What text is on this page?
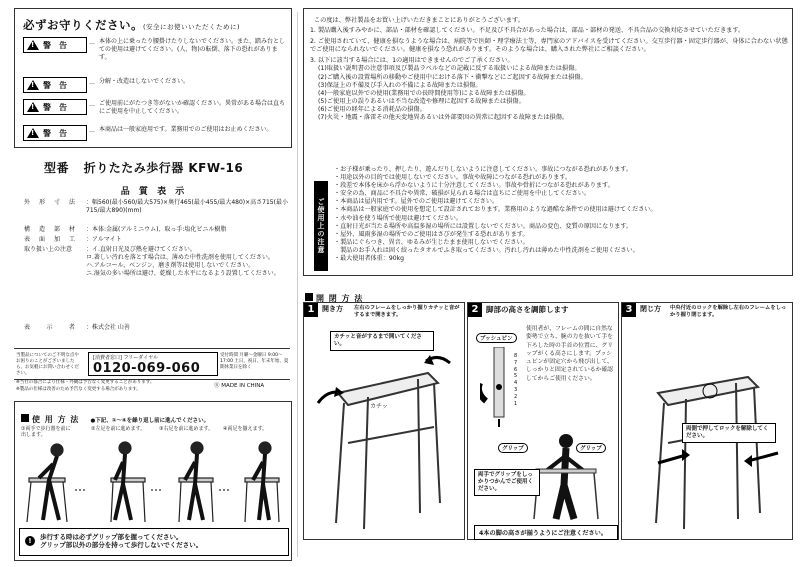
必ずお守りください。(安全にお使いいただくために)
!
警　告	… 本体の上に乗ったり腰掛けたりしないでください。また、踏み台としての使用は避けてください。(人、物)の転倒、落下の恐れがあります。
!
警　告	… 分解・改造はしないでください。
!
警　告	… ご使用前にがたつき等がないか確認ください。異常がある場合は直ちにご使用を中止してください。
!
警　告	… 本商品は一般家庭用です。業務用でのご使用はお止めください。
型番 折りたたみ歩行器 KFW-16
品 質 表 示
外　形　寸　法	：幅560(最小560/最大575)×奥行465(最小455/最大480)×高さ715(最小715/最大890)(mm)
構　造　部　材	：本体:金属(アルミニウム)、取っ手:塩化ビニル樹脂
表　面　加　工	：アルマイト
取り扱い上の注意	：イ.直射日光及び熱を避けてください。
ロ.著しい汚れを落とす場合は、薄めた中性洗剤を使用してください。
ハ.アルコール、ベンジン、磨き剤等は使用しないでください。
ニ.湿気の多い場所は避け、乾燥した水平になるよう設置してください。
表　　示　　者	：株式会社 山善
当製品についてのご不明な点やお困りのことがございましたら、お気軽にお問い合わせください。
[消費者窓口] フリーダイヤル
0120-069-060
受付時間 月曜〜金曜日 9:00〜17:00 土日、祝日、年末年始、夏期休業日を除く
※当社の都合により仕様・外観は予告なく変更することがあります。
※製品の仕様は改善のため予告なく変更する場合があります。
Ⓡ MADE IN CHINA
使 用 方 法 ●下記、①〜④を繰り返し前に進んでください。
①両手で歩行器を前に出します。
②左足を前に進めます。	③右足を前に進めます。	④両足を揃えます。
!	歩行する時は必ずグリップ部を握ってください。
グリップ部以外の部分を持って歩行しないでください。
この度は、弊社製品をお買い上げいただきまことにありがとうございます。
1. 製品購入後すみやかに、部品・部材を確認してください。不足及び不具合があった場合は、部品・部材の発送、不具合品の交換対応させていただきます。
2. ご使用されていて、健康を損なうような場合は、病院等で医師・理学療法士等、専門家のアドバイスを受けてください。交互歩行器・固定歩行器が、身体に合わない状態でご使用になられないでください。健康を損なう恐れがあります。そのような場合は、購入された弊社にご相談ください。
3. 以下に該当する場合には、1の適用はできませんのでご了承ください。
(1)取扱い説明書の注意事項及び製品ラベルなどの記載に反する取扱いによる故障または損傷。
(2)ご購入後の設置場所の移動やご使用中における落下・衝撃などにご起因する故障または損傷。
(3)保証上の不備及び手入れの不備による故障または損傷。
(4)一般家庭以外での使用(業務用での長時間使用等)による故障または損傷。
(5)ご使用上の誤りあるいは不当な改造や修理に起因する故障または損傷。
(6)ご使用の経年による消耗品の損傷。
(7)火災・地震・落雷その他天変地異あるいは外部要因の異常に起因する故障または損傷。
ご使用上の注意
・お子様が乗ったり、押したり、遊んだりしないように注意してください。事故につながる恐れがあります。
・用途以外の目的では使用しないでください。事故や故障につながる恐れがあります。
・段差で本体を床から浮かないように十分注意してください。事故や骨折につながる恐れがあります。
・安全の為、商品に不具合や異常、破損が見られる場合は直ちにご使用を中止してください。
・本商品は屋内用です。屋外でのご使用は避けてください。
・本商品は一般家庭での使用を想定して設計されております。業務用のような過酷な条件での使用は避けてください。
・水や油を使う場所で使用は避けてください。
・直射日光が当たる場所や高温多湿の場所には設置しないでください。商品の変色、変質の原因になります。
・屋外、風雨多湿の場所でのご使用はさびが発生する恐れがあります。
・製品にぐらつき、異音、ゆるみが生じたまま使用しないでください。
　製品のお手入れは固く絞ったタオルでふき取ってください。汚れし汚れは薄めた中性洗剤をご使用ください。
・最大使用者体重：90kg
開 閉 方 法
1	開き方 左右のフレームをしっかり握りカチッと音がするまで開きます。
カチッと音がするまで開いてください。
カチッ
2	脚部の高さを調節します
プッシュピン
8
7
6
5
4
3
2
1
使用者が、フレームの間に自然な姿勢で立ち、腕の力を抜いて手を下ろした時の手首の位置に、グリップがくる高さにします。プッシュピンが固定穴から飛び出して、しっかりと固定されているか確認してからご使用ください。
グリップ	グリップ
両手でグリップをしっかりつかんでご使用ください。
4本の脚の高さが揃うようにご注意ください。
3	閉じ方 中央付近のロックを解除し左右のフレームをしっかり握り閉じます。
両側で押してロックを解除してください。
